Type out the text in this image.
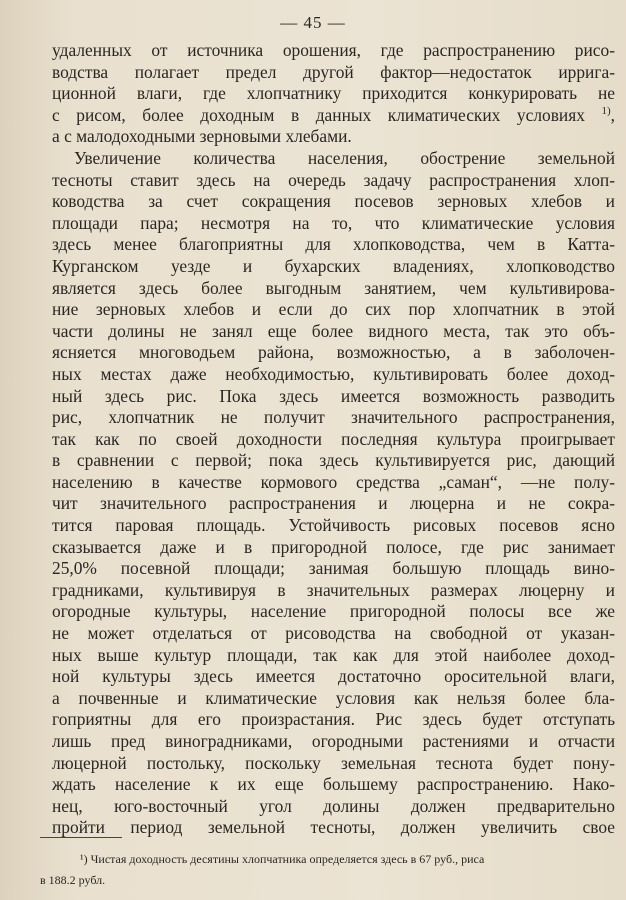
— 45 —
удаленных от источника орошения, где распространению рисо-
водства полагает предел другой фактор—недостаток ирригa-
ционной влаги, где хлопчатнику приходится конкурировать не
с рисом, более доходным в данных климатических условиях $^{1)}$,
а с малодоходными зерновыми хлебами.
Увеличение количества населения, обострение земельной
тесноты ставит здесь на очередь задачу распространения хлоп-
ководства за счет сокращения посевов зерновых хлебов и
площади пара; несмотря на то, что климатические условия
здесь менее благоприятны для хлопководства, чем в Катта-
Курганском уезде и бухарских владениях, хлопководство
является здесь более выгодным занятием, чем культивирова-
ние зерновых хлебов и если до сих пор хлопчатник в этой
части долины не занял еще более видного места, так это объ-
ясняется многоводьем района, возможностью, а в заболочен-
ных местах даже необходимостью, культивировать более доход-
ный здесь рис. Пока здесь имеется возможность разводить
рис, хлопчатник не получит значительного распространения,
так как по своей доходности последняя культура проигрывает
в сравнении с первой; пока здесь культивируется рис, дающий
населению в качестве кормового средства „саман“, —не полу-
чит значительного распространения и люцерна и не сокра-
тится паровая площадь. Устойчивость рисовых посевов ясно
сказывается даже и в пригородной полосе, где рис занимает
25,0% посевной площади; занимая большую площадь вино-
градниками, культивируя в значительных размерах люцерну и
огородные культуры, население пригородной полосы все же
не может отделаться от рисоводства на свободной от указан-
ных выше культур площади, так как для этой наиболее доход-
ной культуры здесь имеется достаточно оросительной влаги,
а почвенные и климатические условия как нельзя более бла-
гоприятны для его произрастания. Рис здесь будет отступать
лишь пред виноградниками, огородными растениями и отчасти
люцерной постольку, поскольку земельная теснота будет пону-
ждать население к их еще большему распространению. Нако-
нец, юго-восточный угол долины должен предварительно
пройти период земельной тесноты, должен увеличить свое
¹) Чистая доходность десятины хлопчатника определяется здесь в 67 руб., риса
в 188.2 рубл.
